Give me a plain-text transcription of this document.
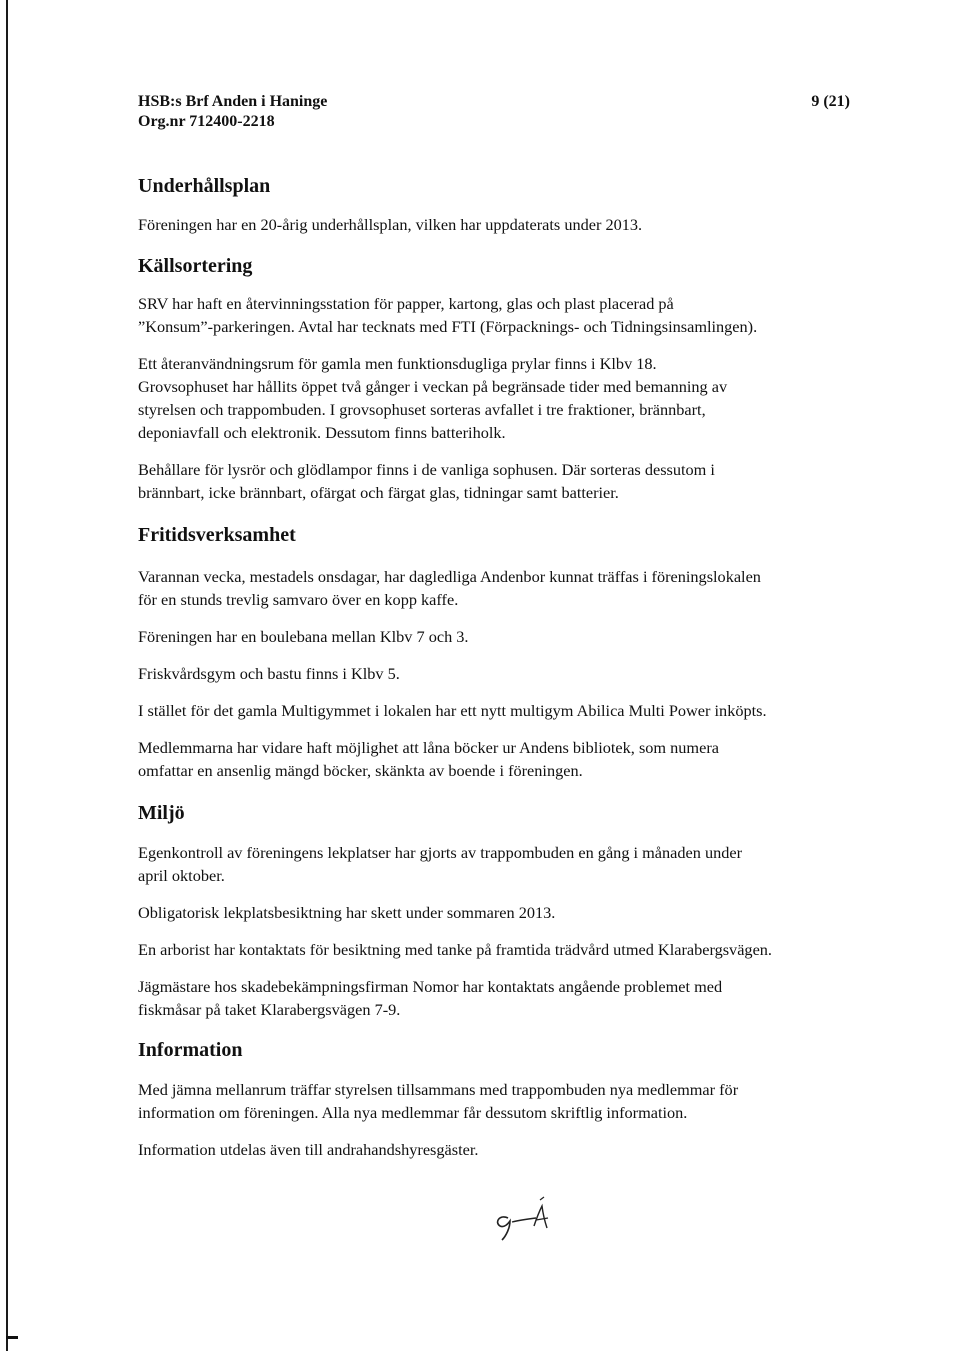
HSB:s Brf Anden i Haninge
Org.nr 712400-2218
9 (21)
Underhållsplan

Föreningen har en 20-årig underhållsplan, vilken har uppdaterats under 2013.

Källsortering

SRV har haft en återvinningsstation för papper, kartong, glas och plast placerad på

”Konsum”-parkeringen. Avtal har tecknats med FTI (Förpacknings- och Tidningsinsamlingen).

Ett återanvändningsrum för gamla men funktionsdugliga prylar finns i Klbv 18.

Grovsophuset har hållits öppet två gånger i veckan på begränsade tider med bemanning av

styrelsen och trappombuden. I grovsophuset sorteras avfallet i tre fraktioner, brännbart,

deponiavfall och elektronik. Dessutom finns batteriholk.

Behållare för lysrör och glödlampor finns i de vanliga sophusen. Där sorteras dessutom i

brännbart, icke brännbart, ofärgat och färgat glas, tidningar samt batterier.

Fritidsverksamhet

Varannan vecka, mestadels onsdagar, har dagledliga Andenbor kunnat träffas i föreningslokalen

för en stunds trevlig samvaro över en kopp kaffe.

Föreningen har en boulebana mellan Klbv 7 och 3.

Friskvårdsgym och bastu finns i Klbv 5.

I stället för det gamla Multigymmet i lokalen har ett nytt multigym Abilica Multi Power inköpts.

Medlemmarna har vidare haft möjlighet att låna böcker ur Andens bibliotek, som numera

omfattar en ansenlig mängd böcker, skänkta av boende i föreningen.

Miljö

Egenkontroll av föreningens lekplatser har gjorts av trappombuden en gång i månaden under

april oktober.

Obligatorisk lekplatsbesiktning har skett under sommaren 2013.

En arborist har kontaktats för besiktning med tanke på framtida trädvård utmed Klarabergsvägen.

Jägmästare hos skadebekämpningsfirman Nomor har kontaktats angående problemet med

fiskmåsar på taket Klarabergsvägen 7-9.

Information

Med jämna mellanrum träffar styrelsen tillsammans med trappombuden nya medlemmar för

information om föreningen. Alla nya medlemmar får dessutom skriftlig information.

Information utdelas även till andrahandshyresgäster.
